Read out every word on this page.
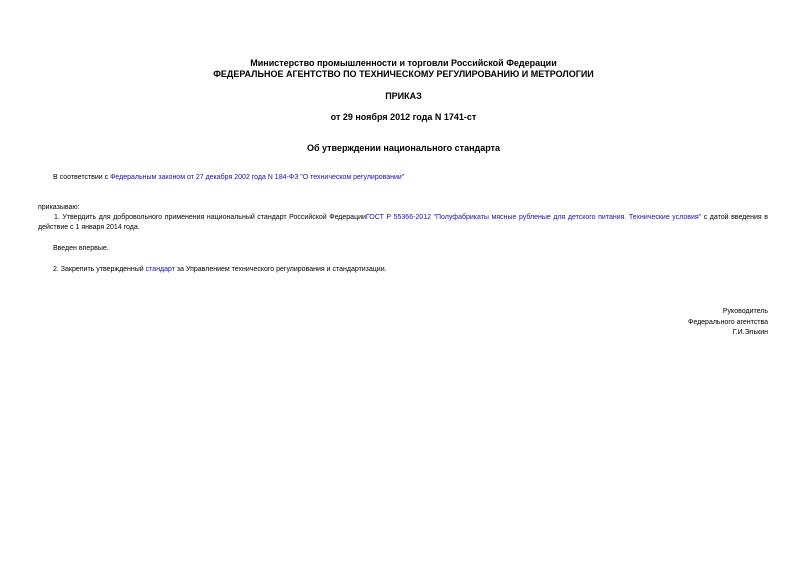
Министерство промышленности и торговли Российской Федерации
ФЕДЕРАЛЬНОЕ АГЕНТСТВО ПО ТЕХНИЧЕСКОМУ РЕГУЛИРОВАНИЮ И МЕТРОЛОГИИ
ПРИКАЗ
от 29 ноября 2012 года N 1741-ст
Об утверждении национального стандарта
В соответствии с Федеральным законом от 27 декабря 2002 года N 184-ФЗ "О техническом регулировании"
приказываю:
1. Утвердить для добровольного применения национальный стандарт Российской ФедерацииГОСТ Р 55366-2012 "Полуфабрикаты мясные рубленые для детского питания. Технические условия" с датой введения в действие с 1 января 2014 года.
Введен впервые.
2. Закрепить утвержденный стандарт за Управлением технического регулирования и стандартизации.
Руководитель
Федерального агентства
Г.И.Элькин
